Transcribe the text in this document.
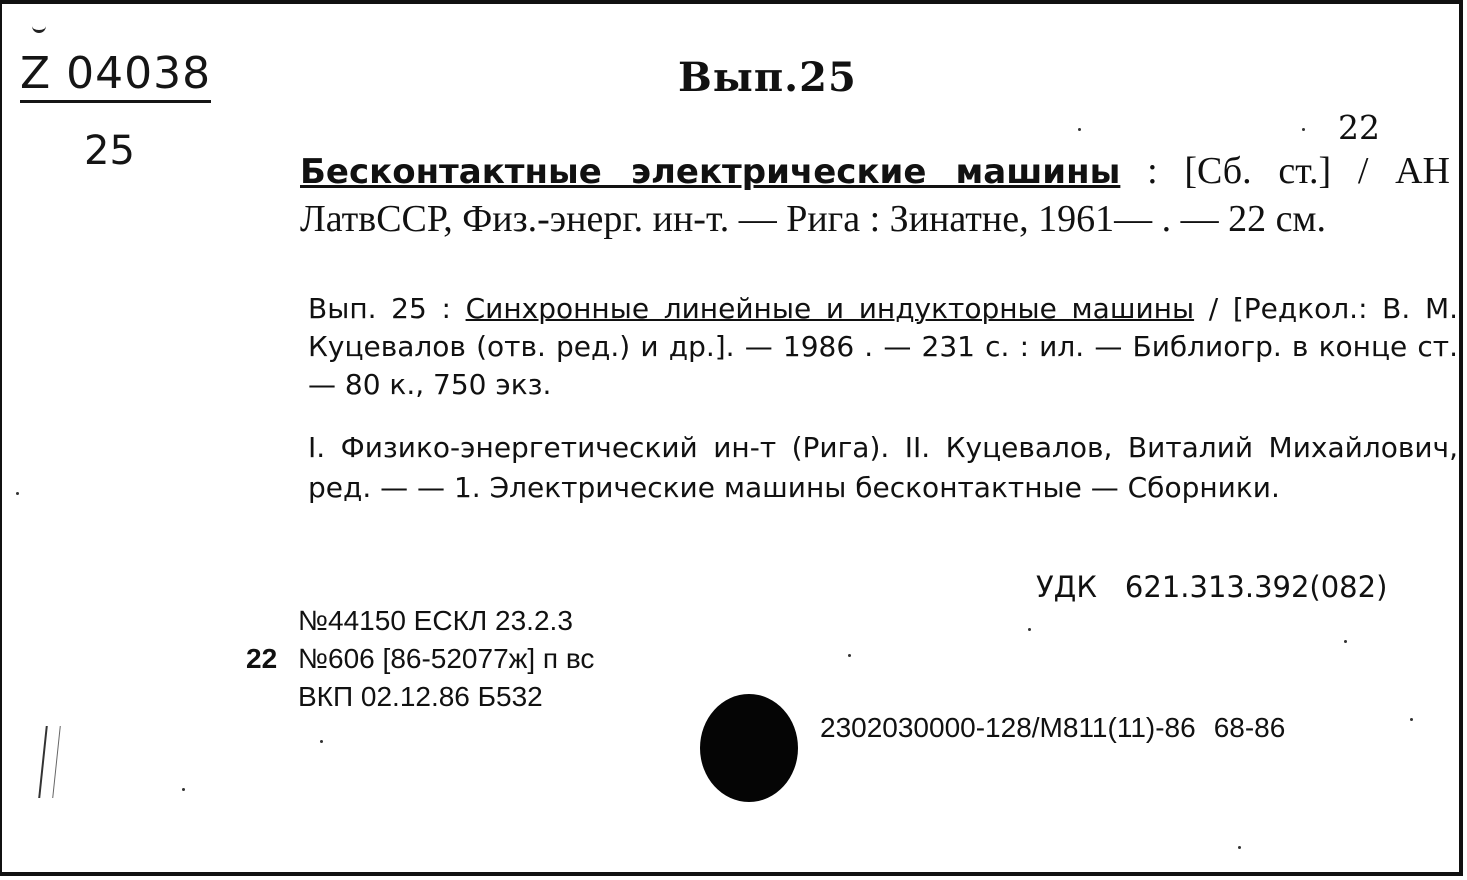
Z 04038
25
Вып.25
22
Бесконтактные электрические машины : [Сб. ст.] / АН ЛатвССР, Физ.-энерг. ин-т. — Рига : Зинатне, 1961— . — 22 см.
Вып. 25 : Синхронные линейные и индукторные машины / [Редкол.: В. М. Куцевалов (отв. ред.) и др.]. — 1986 . — 231 с. : ил. — Библиогр. в конце ст. — 80 к., 750 экз.
I. Физико-энергетический ин-т (Рига). II. Куцевалов, Виталий Михайлович, ред. — — 1. Электрические машины бесконтактные — Сборники.
УДК 621.313.392(082)
№44150 ЕСКЛ 23.2.3
22 №606 [86-52077ж] п вс
ВКП 02.12.86 Б532
2302030000-128/М811(11)-86 68-86
